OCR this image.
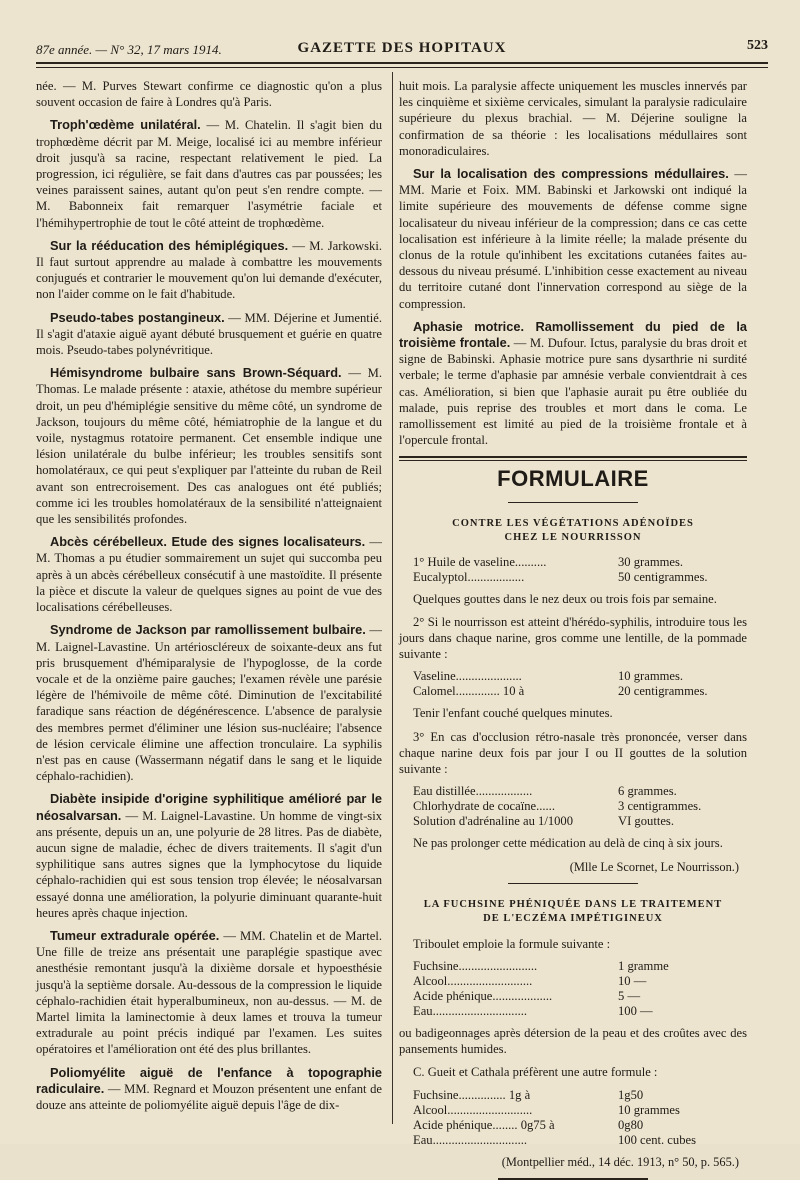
87e année. — N° 32, 17 mars 1914.	GAZETTE DES HOPITAUX	523

née. — M. Purves Stewart confirme ce diagnostic qu'on a plus souvent occasion de faire à Londres qu'à Paris.

Troph'œdème unilatéral. — M. Chatelin. Il s'agit bien du trophœdème décrit par M. Meige, localisé ici au membre inférieur droit jusqu'à sa racine, respectant relativement le pied. La progression, ici régulière, se fait dans d'autres cas par poussées; les veines paraissent saines, autant qu'on peut s'en rendre compte. — M. Babonneix fait remarquer l'asymétrie faciale et l'hémihypertrophie de tout le côté atteint de trophœdème.

Sur la rééducation des hémiplégiques. — M. Jarkowski. Il faut surtout apprendre au malade à combattre les mouvements conjugués et contrarier le mouvement qu'on lui demande d'exécuter, non l'aider comme on le fait d'habitude.

Pseudo-tabes postangineux. — MM. Déjerine et Jumentié. Il s'agit d'ataxie aiguë ayant débuté brusquement et guérie en quatre mois. Pseudo-tabes polynévritique.

Hémisyndrome bulbaire sans Brown-Séquard. — M. Thomas. Le malade présente : ataxie, athétose du membre supérieur droit, un peu d'hémiplégie sensitive du même côté, un syndrome de Jackson, toujours du même côté, hémiatrophie de la langue et du voile, nystagmus rotatoire permanent. Cet ensemble indique une lésion unilatérale du bulbe inférieur; les troubles sensitifs sont homolatéraux, ce qui peut s'expliquer par l'atteinte du ruban de Reil avant son entrecroisement. Des cas analogues ont été publiés; comme ici les troubles homolatéraux de la sensibilité n'atteignaient que les sensibilités profondes.

Abcès cérébelleux. Etude des signes localisateurs. — M. Thomas a pu étudier sommairement un sujet qui succomba peu après à un abcès cérébelleux consécutif à une mastoïdite. Il présente la pièce et discute la valeur de quelques signes au point de vue des localisations cérébelleuses.

Syndrome de Jackson par ramollissement bulbaire. — M. Laignel-Lavastine. Un artérioscléreux de soixante-deux ans fut pris brusquement d'hémiparalysie de l'hypoglosse, de la corde vocale et de la onzième paire gauches; l'examen révèle une parésie légère de l'hémivoile de même côté. Diminution de l'excitabilité faradique sans réaction de dégénérescence. L'absence de paralysie des membres permet d'éliminer une lésion sus-nucléaire; l'absence de lésion cervicale élimine une affection tronculaire. La syphilis n'est pas en cause (Wassermann négatif dans le sang et le liquide céphalo-rachidien).

Diabète insipide d'origine syphilitique amélioré par le néosalvarsan. — M. Laignel-Lavastine. Un homme de vingt-six ans présente, depuis un an, une polyurie de 28 litres. Pas de diabète, aucun signe de maladie, échec de divers traitements. Il s'agit d'un syphilitique sans autres signes que la lymphocytose du liquide céphalo-rachidien qui est sous tension trop élevée; le néosalvarsan essayé donna une amélioration, la polyurie diminuant quarante-huit heures après chaque injection.

Tumeur extradurale opérée. — MM. Chatelin et de Martel. Une fille de treize ans présentait une paraplégie spastique avec anesthésie remontant jusqu'à la dixième dorsale et hypoesthésie jusqu'à la septième dorsale. Au-dessous de la compression le liquide céphalo-rachidien était hyperalbumineux, non au-dessus. — M. de Martel limita la laminectomie à deux lames et trouva la tumeur extradurale au point précis indiqué par l'examen. Les suites opératoires et l'amélioration ont été des plus brillantes.

Poliomyélite aiguë de l'enfance à topographie radiculaire. — MM. Regnard et Mouzon présentent une enfant de douze ans atteinte de poliomyélite aiguë depuis l'âge de dix-

huit mois. La paralysie affecte uniquement les muscles innervés par les cinquième et sixième cervicales, simulant la paralysie radiculaire supérieure du plexus brachial. — M. Déjerine souligne la confirmation de sa théorie : les localisations médullaires sont monoradiculaires.

Sur la localisation des compressions médullaires. — MM. Marie et Foix. MM. Babinski et Jarkowski ont indiqué la limite supérieure des mouvements de défense comme signe localisateur du niveau inférieur de la compression; dans ce cas cette localisation est inférieure à la limite réelle; la malade présente du clonus de la rotule qu'inhibent les excitations cutanées faites au-dessous du niveau présumé. L'inhibition cesse exactement au niveau du territoire cutané dont l'innervation correspond au siège de la compression.

Aphasie motrice. Ramollissement du pied de la troisième frontale. — M. Dufour. Ictus, paralysie du bras droit et signe de Babinski. Aphasie motrice pure sans dysarthrie ni surdité verbale; le terme d'aphasie par amnésie verbale convientdrait à ces cas. Amélioration, si bien que l'aphasie aurait pu être oubliée du malade, puis reprise des troubles et mort dans le coma. Le ramollissement est limité au pied de la troisième frontale et à l'opercule frontal.

FORMULAIRE
CONTRE LES VÉGÉTATIONS ADÉNOÏDES
CHEZ LE NOURRISSON
1° Huile de vaseline..........	30 grammes.
Eucalyptol..................	50 centigrammes.

Quelques gouttes dans le nez deux ou trois fois par semaine.

2° Si le nourrisson est atteint d'hérédo-syphilis, introduire tous les jours dans chaque narine, gros comme une lentille, de la pommade suivante :

Vaseline.....................	10 grammes.
Calomel.............. 10 à	20 centigrammes.

Tenir l'enfant couché quelques minutes.

3° En cas d'occlusion rétro-nasale très prononcée, verser dans chaque narine deux fois par jour I ou II gouttes de la solution suivante :

Eau distillée..................	6 grammes.
Chlorhydrate de cocaïne......	3 centigrammes.
Solution d'adrénaline au 1/1000	VI gouttes.

Ne pas prolonger cette médication au delà de cinq à six jours.

(Mlle Le Scornet, Le Nourrisson.)
LA FUCHSINE PHÉNIQUÉE DANS LE TRAITEMENT
DE L'ECZÉMA IMPÉTIGINEUX

Triboulet emploie la formule suivante :

Fuchsine.........................	1 gramme
Alcool...........................	10 —
Acide phénique...................	5 —
Eau..............................	100 —

ou badigeonnages après détersion de la peau et des croûtes avec des pansements humides.

C. Gueit et Cathala préfèrent une autre formule :

Fuchsine............... 1g à	1g50
Alcool...........................	10 grammes
Acide phénique........ 0g75 à	0g80
Eau..............................	100 cent. cubes
(Montpellier méd., 14 déc. 1913, n° 50, p. 565.)
